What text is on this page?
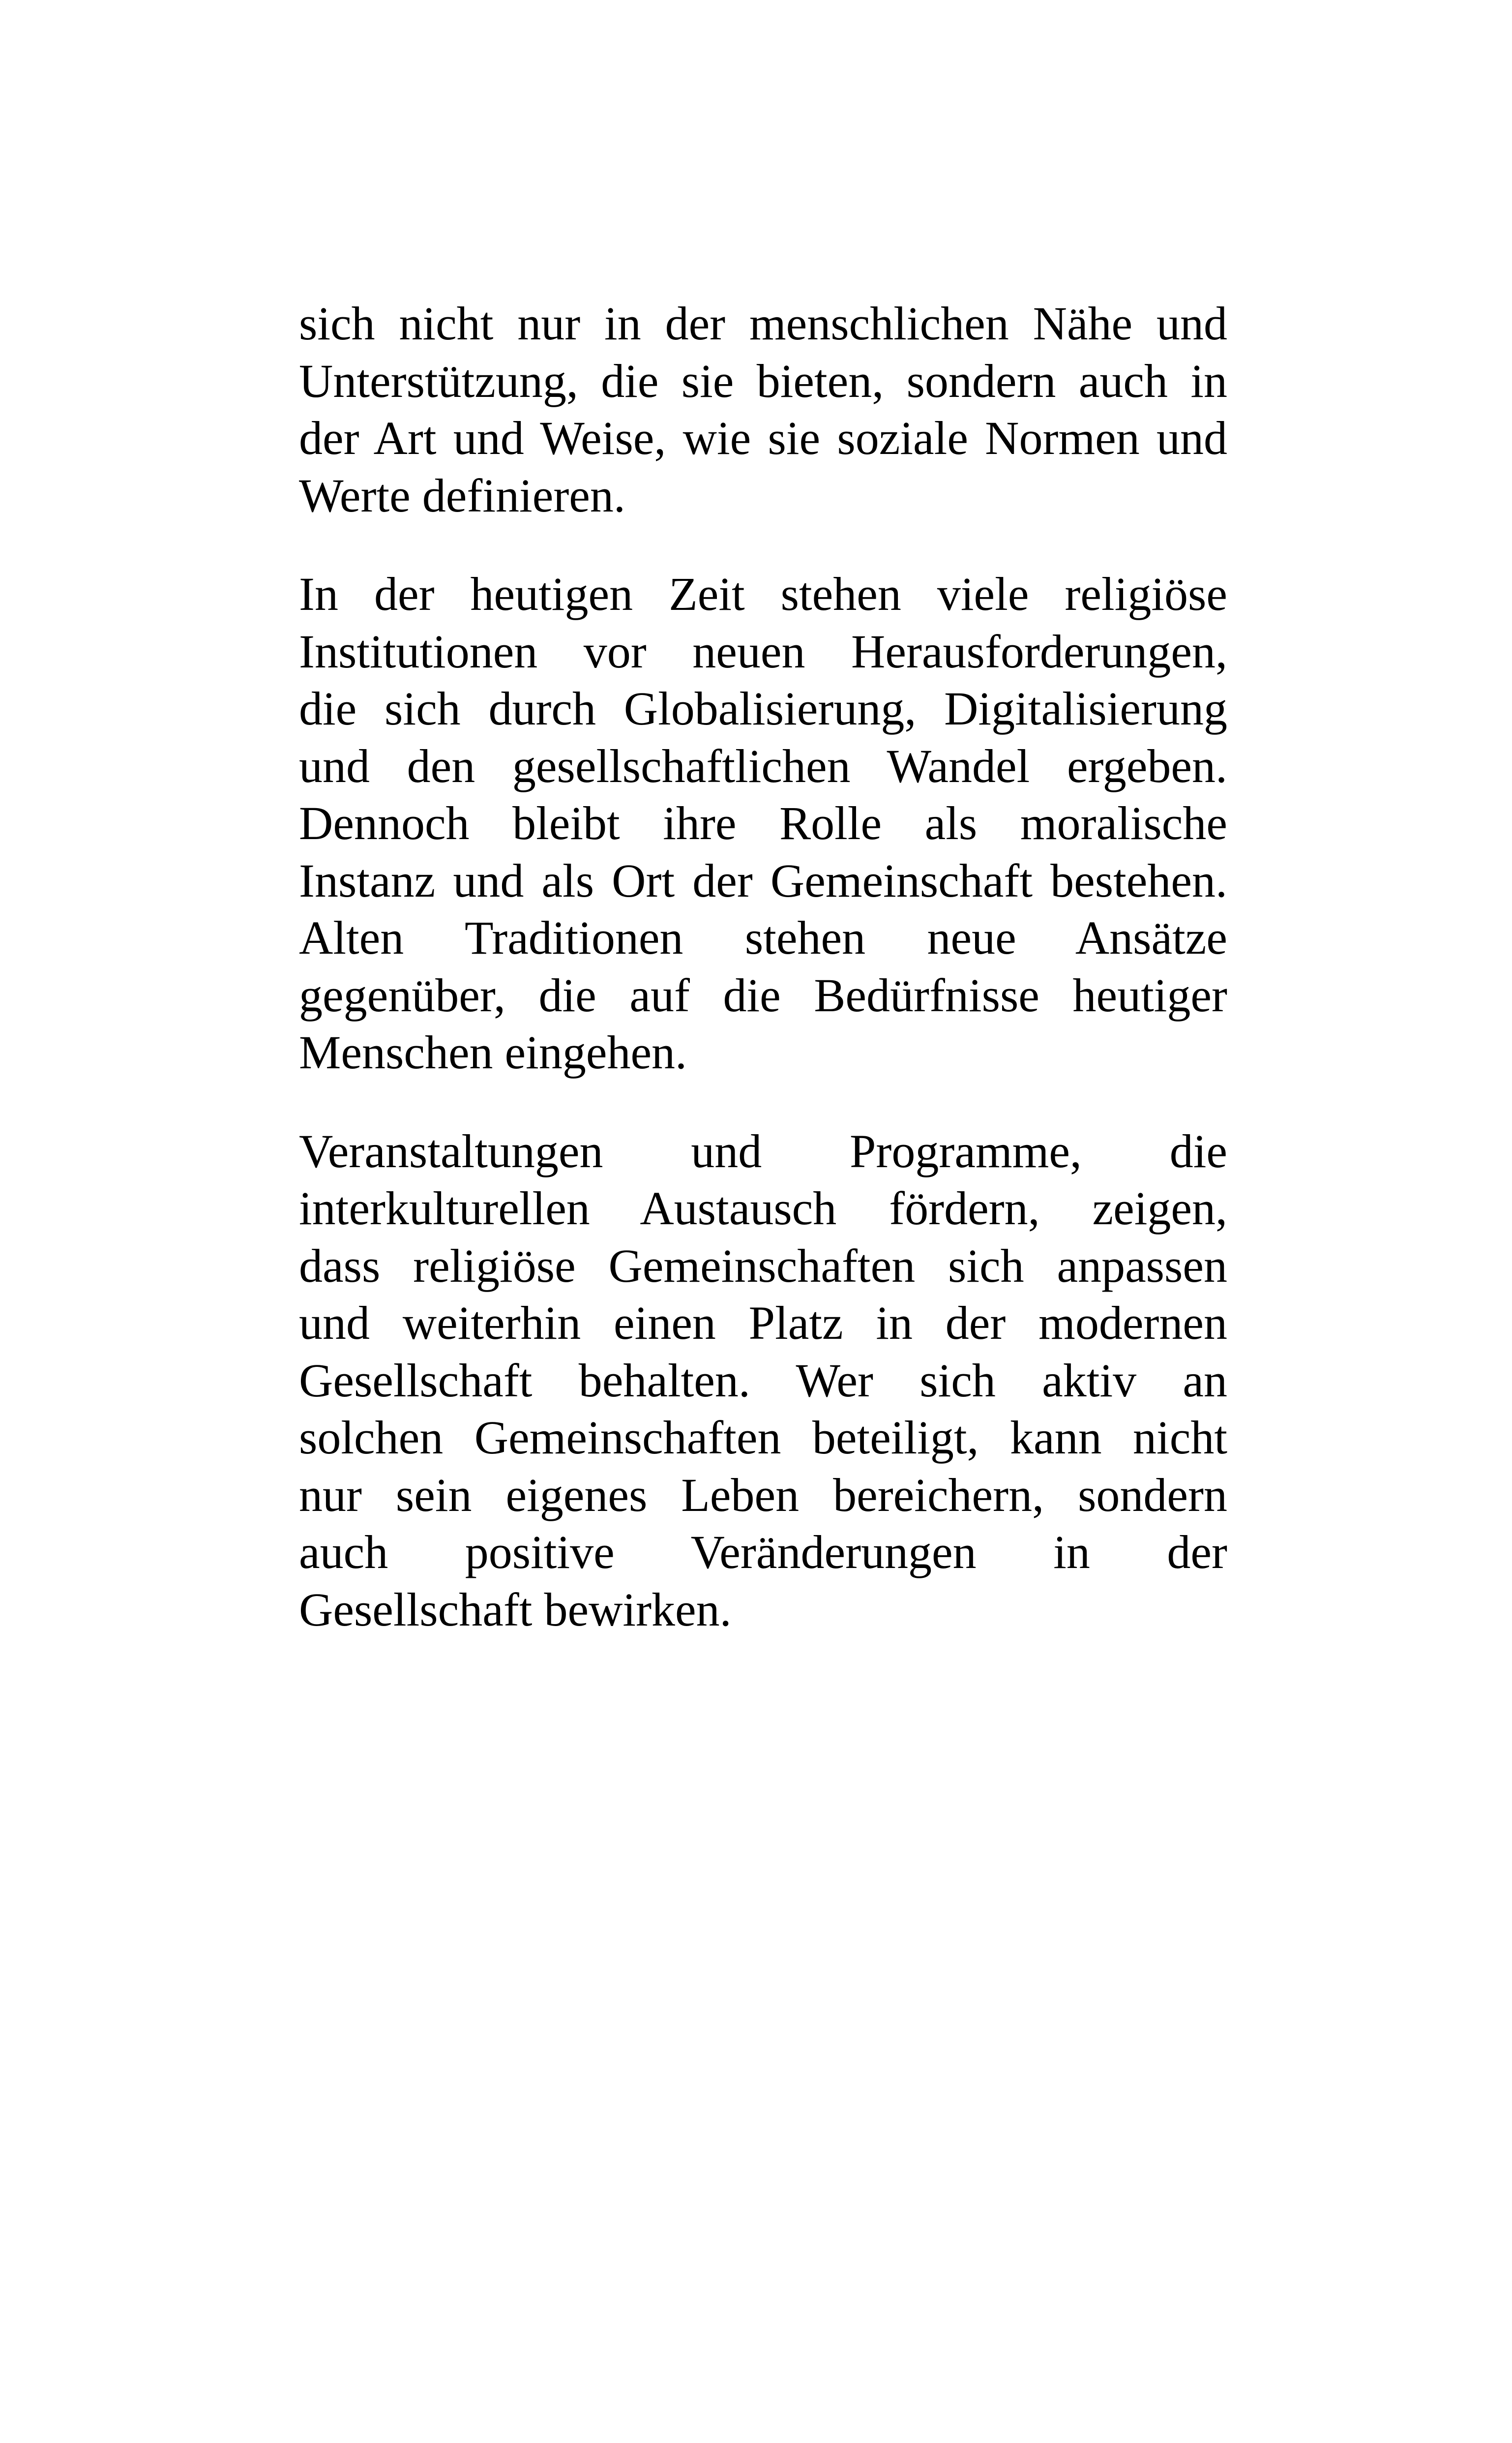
sich nicht nur in der menschlichen Nähe und
Unterstützung, die sie bieten, sondern auch in
der Art und Weise, wie sie soziale Normen und
Werte definieren.

In der heutigen Zeit stehen viele religiöse
Institutionen vor neuen Herausforderungen,
die sich durch Globalisierung, Digitalisierung
und den gesellschaftlichen Wandel ergeben.
Dennoch bleibt ihre Rolle als moralische
Instanz und als Ort der Gemeinschaft bestehen.
Alten Traditionen stehen neue Ansätze
gegenüber, die auf die Bedürfnisse heutiger
Menschen eingehen.

Veranstaltungen und Programme, die
interkulturellen Austausch fördern, zeigen,
dass religiöse Gemeinschaften sich anpassen
und weiterhin einen Platz in der modernen
Gesellschaft behalten. Wer sich aktiv an
solchen Gemeinschaften beteiligt, kann nicht
nur sein eigenes Leben bereichern, sondern
auch positive Veränderungen in der
Gesellschaft bewirken.
